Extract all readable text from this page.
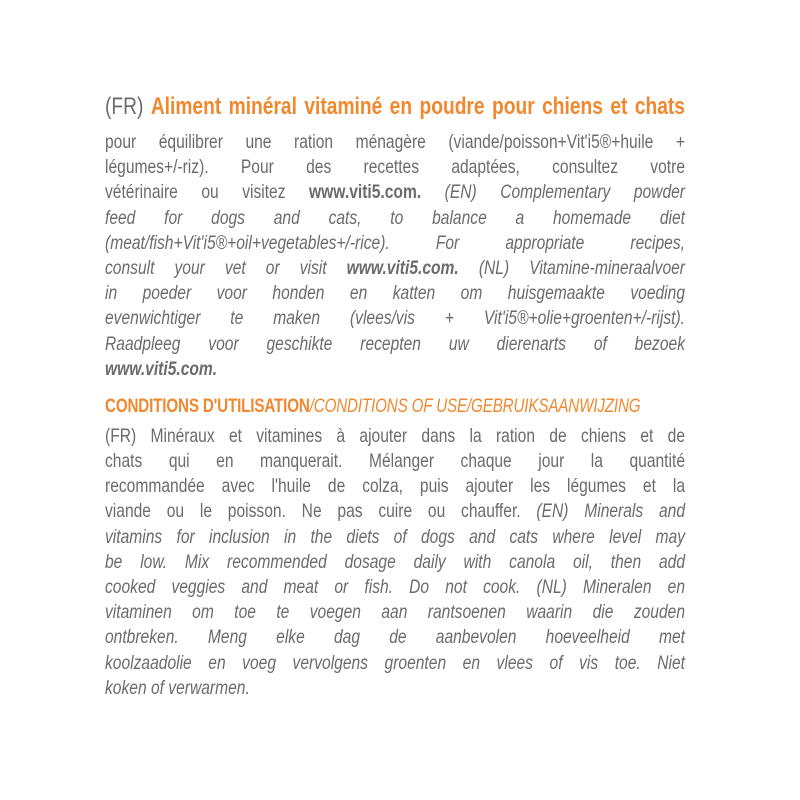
(FR) Aliment minéral vitaminé en poudre pour chiens et chats
pour équilibrer une ration ménagère (viande/poisson+Vit'i5®+huile +
légumes+/-riz). Pour des recettes adaptées, consultez votre
vétérinaire ou visitez www.viti5.com. (EN) Complementary powder
feed for dogs and cats, to balance a homemade diet
(meat/fish+Vit'i5®+oil+vegetables+/-rice). For appropriate recipes,
consult your vet or visit www.viti5.com. (NL) Vitamine-mineraalvoer
in poeder voor honden en katten om huisgemaakte voeding
evenwichtiger te maken (vlees/vis + Vit'i5®+olie+groenten+/-rijst).
Raadpleeg voor geschikte recepten uw dierenarts of bezoek
www.viti5.com.
CONDITIONS D'UTILISATION/CONDITIONS OF USE/GEBRUIKSAANWIJZING
(FR) Minéraux et vitamines à ajouter dans la ration de chiens et de
chats qui en manquerait. Mélanger chaque jour la quantité
recommandée avec l'huile de colza, puis ajouter les légumes et la
viande ou le poisson. Ne pas cuire ou chauffer. (EN) Minerals and
vitamins for inclusion in the diets of dogs and cats where level may
be low. Mix recommended dosage daily with canola oil, then add
cooked veggies and meat or fish. Do not cook. (NL) Mineralen en
vitaminen om toe te voegen aan rantsoenen waarin die zouden
ontbreken. Meng elke dag de aanbevolen hoeveelheid met
koolzaadolie en voeg vervolgens groenten en vlees of vis toe. Niet
koken of verwarmen.
